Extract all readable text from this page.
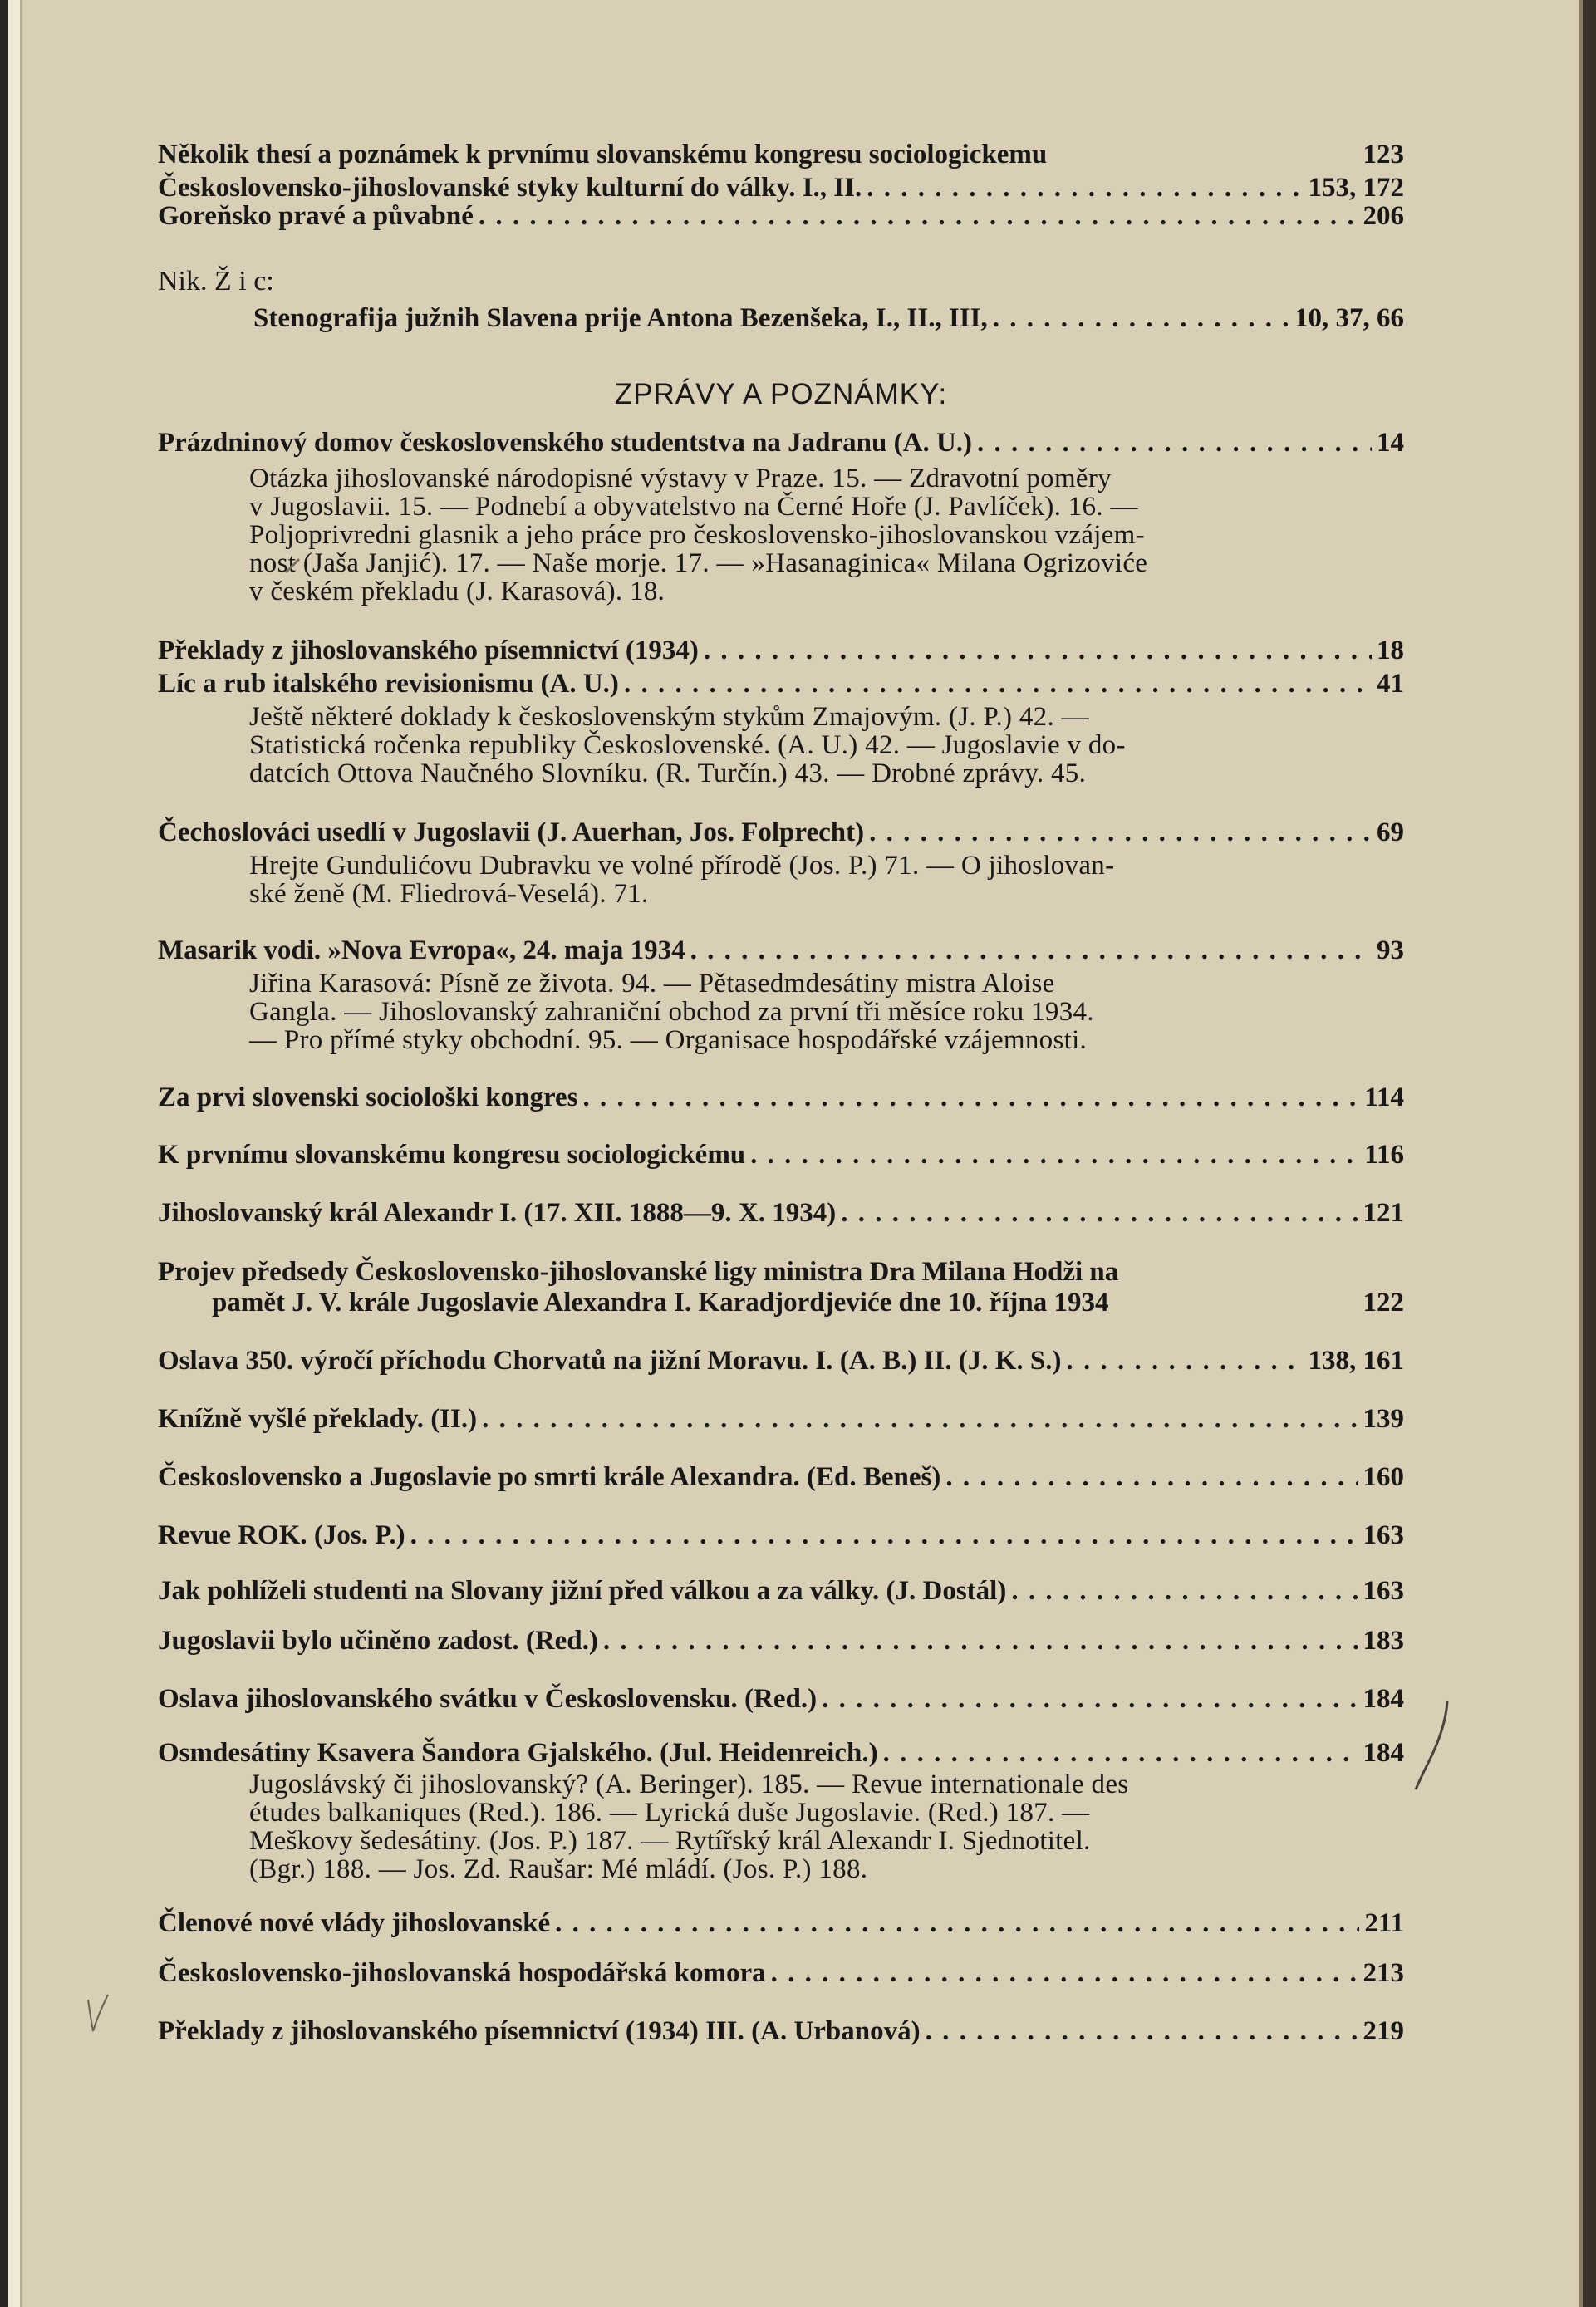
Několik thesí a poznámek k prvnímu slovanskému kongresu sociologickemu	123
Československo-jihoslovanské styky kulturní do války. I., II. . . .	153, 172
Goreňsko pravé a půvabné . . .	206
Nik. Ž i c:
Stenografija južnih Slavena prije Antona Bezenšeka, I., II., III, . . .	10, 37, 66
ZPRÁVY A POZNÁMKY:
Prázdninový domov československého studentstva na Jadranu (A. U.) . . .	14
Otázka jihoslovanské národopisné výstavy v Praze. 15. — Zdravotní poměry
v Jugoslavii. 15. — Podnebí a obyvatelstvo na Černé Hoře (J. Pavlíček). 16. —
Poljoprivredni glasnik a jeho práce pro československo-jihoslovanskou vzájem-
nost (Jaša Janjić). 17. — Naše morje. 17. — »Hasanaginica« Milana Ogrizoviće
v českém překladu (J. Karasová). 18.
Překlady z jihoslovanského písemnictví (1934) . . .	18
Líc a rub italského revisionismu (A. U.) . . .	41
Ještě některé doklady k československým stykům Zmajovým. (J. P.) 42. —
Statistická ročenka republiky Československé. (A. U.) 42. — Jugoslavie v do-
datcích Ottova Naučného Slovníku. (R. Turčín.) 43. — Drobné zprávy. 45.
Čechoslováci usedlí v Jugoslavii (J. Auerhan, Jos. Folprecht) . . .	69
Hrejte Gundulićovu Dubravku ve volné přírodě (Jos. P.) 71. — O jihoslovan-
ské ženě (M. Fliedrová-Veselá). 71.
Masarik vodi. »Nova Evropa«, 24. maja 1934 . . .	93
Jiřina Karasová: Písně ze života. 94. — Pětasedmdesátiny mistra Aloise
Gangla. — Jihoslovanský zahraniční obchod za první tři měsíce roku 1934.
— Pro přímé styky obchodní. 95. — Organisace hospodářské vzájemnosti.
Za prvi slovenski sociološki kongres . . .	114
K prvnímu slovanskému kongresu sociologickému . . .	116
Jihoslovanský král Alexandr I. (17. XII. 1888—9. X. 1934) . . .	121
Projev předsedy Československo-jihoslovanské ligy ministra Dra Milana Hodži na
pamět J. V. krále Jugoslavie Alexandra I. Karadjordjeviće dne 10. října 1934	122
Oslava 350. výročí příchodu Chorvatů na jižní Moravu. I. (A. B.) II. (J. K. S.) . . .	138, 161
Knížně vyšlé překlady. (II.) . . .	139
Československo a Jugoslavie po smrti krále Alexandra. (Ed. Beneš) . . .	160
Revue ROK. (Jos. P.) . . .	163
Jak pohlíželi studenti na Slovany jižní před válkou a za války. (J. Dostál) . . .	163
Jugoslavii bylo učiněno zadost. (Red.) . . .	183
Oslava jihoslovanského svátku v Československu. (Red.) . . .	184
Osmdesátiny Ksavera Šandora Gjalského. (Jul. Heidenreich.) . . .	184
Jugoslávský či jihoslovanský? (A. Beringer). 185. — Revue internationale des
études balkaniques (Red.). 186. — Lyrická duše Jugoslavie. (Red.) 187. —
Meškovy šedesátiny. (Jos. P.) 187. — Rytířský král Alexandr I. Sjednotitel.
(Bgr.) 188. — Jos. Zd. Raušar: Mé mládí. (Jos. P.) 188.
Členové nové vlády jihoslovanské . . .	211
Československo-jihoslovanská hospodářská komora . . .	213
Překlady z jihoslovanského písemnictví (1934) III. (A. Urbanová) . . .	219
